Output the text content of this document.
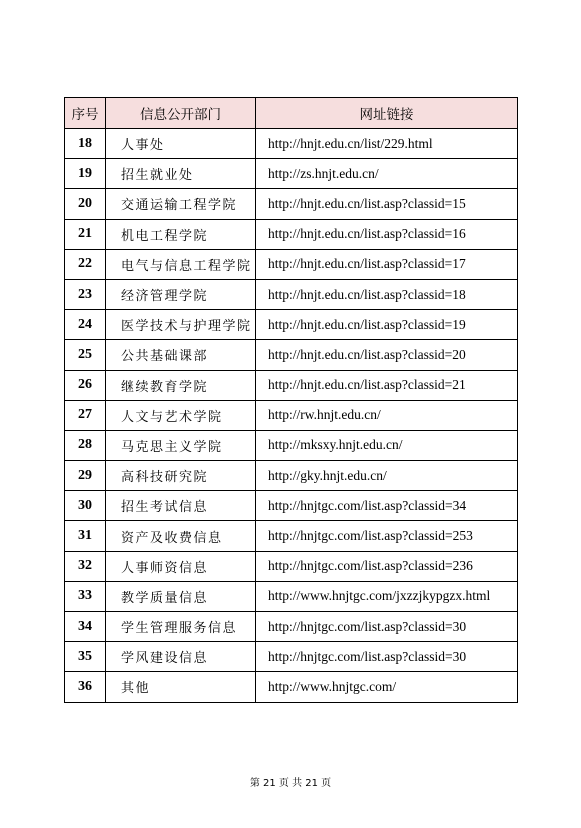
序号	信息公开部门	网址链接
18	人事处	http://hnjt.edu.cn/list/229.html
19	招生就业处	http://zs.hnjt.edu.cn/
20	交通运输工程学院	http://hnjt.edu.cn/list.asp?classid=15
21	机电工程学院	http://hnjt.edu.cn/list.asp?classid=16
22	电气与信息工程学院	http://hnjt.edu.cn/list.asp?classid=17
23	经济管理学院	http://hnjt.edu.cn/list.asp?classid=18
24	医学技术与护理学院	http://hnjt.edu.cn/list.asp?classid=19
25	公共基础课部	http://hnjt.edu.cn/list.asp?classid=20
26	继续教育学院	http://hnjt.edu.cn/list.asp?classid=21
27	人文与艺术学院	http://rw.hnjt.edu.cn/
28	马克思主义学院	http://mksxy.hnjt.edu.cn/
29	高科技研究院	http://gky.hnjt.edu.cn/
30	招生考试信息	http://hnjtgc.com/list.asp?classid=34
31	资产及收费信息	http://hnjtgc.com/list.asp?classid=253
32	人事师资信息	http://hnjtgc.com/list.asp?classid=236
33	教学质量信息	http://www.hnjtgc.com/jxzzjkypgzx.html
34	学生管理服务信息	http://hnjtgc.com/list.asp?classid=30
35	学风建设信息	http://hnjtgc.com/list.asp?classid=30
36	其他	http://www.hnjtgc.com/
第 21 页 共 21 页
